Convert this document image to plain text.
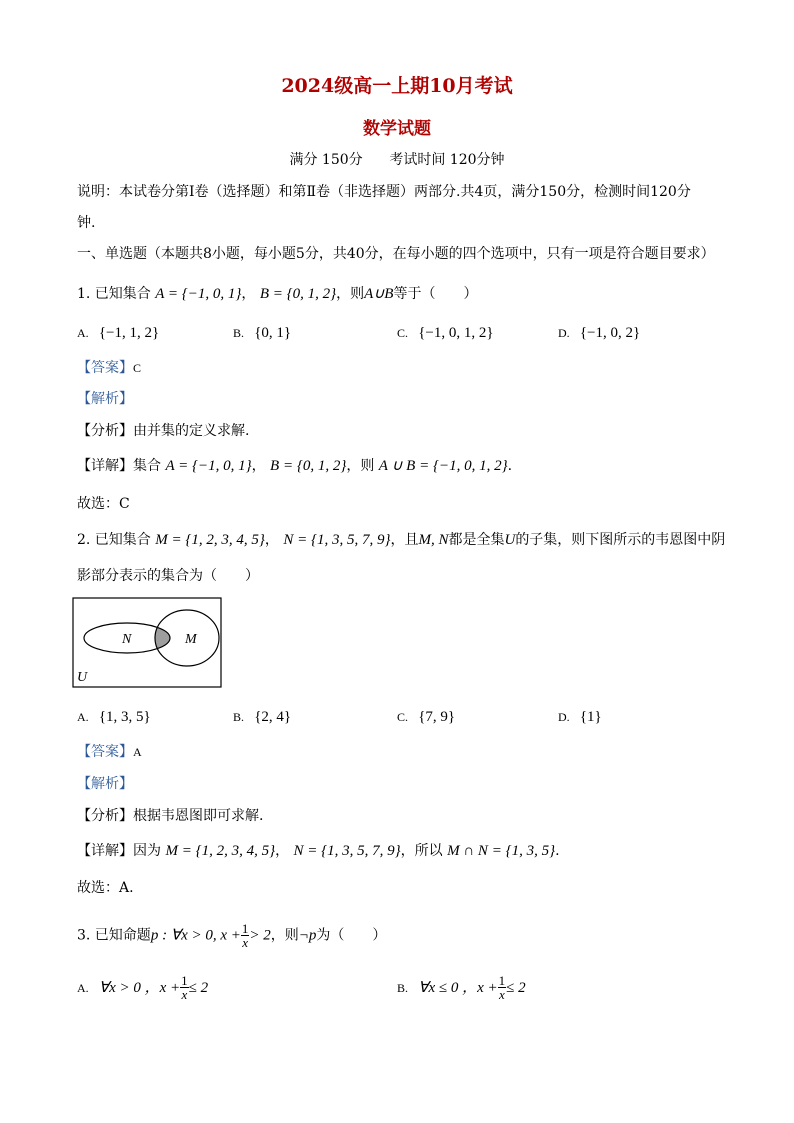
2024级高一上期10月考试
数学试题
满分 150分      考试时间 120分钟
说明：本试卷分第Ⅰ卷（选择题）和第Ⅱ卷（非选择题）两部分.共4页，满分150分，检测时间120分
钟.
一、单选题（本题共8小题，每小题5分，共40分，在每小题的四个选项中，只有一项是符合题目要求）
1. 已知集合 A = {−1, 0, 1}， B = {0, 1, 2}，则A∪B等于（　　）
A. {−1, 1, 2}	B. {0, 1}	C. {−1, 0, 1, 2}	D. {−1, 0, 2}
【答案】C
【解析】
【分析】由并集的定义求解.
【详解】集合 A = {−1, 0, 1}， B = {0, 1, 2}，则 A ∪ B = {−1, 0, 1, 2}.
故选：C
2. 已知集合 M = {1, 2, 3, 4, 5}， N = {1, 3, 5, 7, 9}，且M, N都是全集U的子集，则下图所示的韦恩图中阴
影部分表示的集合为（　　）
N	M
U
A. {1, 3, 5}	B. {2, 4}	C. {7, 9}	D. {1}
【答案】A
【解析】
【分析】根据韦恩图即可求解.
【详解】因为 M = {1, 2, 3, 4, 5}， N = {1, 3, 5, 7, 9}，所以 M ∩ N = {1, 3, 5}.
故选：A.
3. 已知命题p : ∀x > 0, $x + \frac{1}{x} > 2$，则¬p为（　　）
A. ∀x > 0 ，$x + \frac{1}{x} \le 2$	B. ∀x ≤ 0 ，$x + \frac{1}{x} \le 2$
